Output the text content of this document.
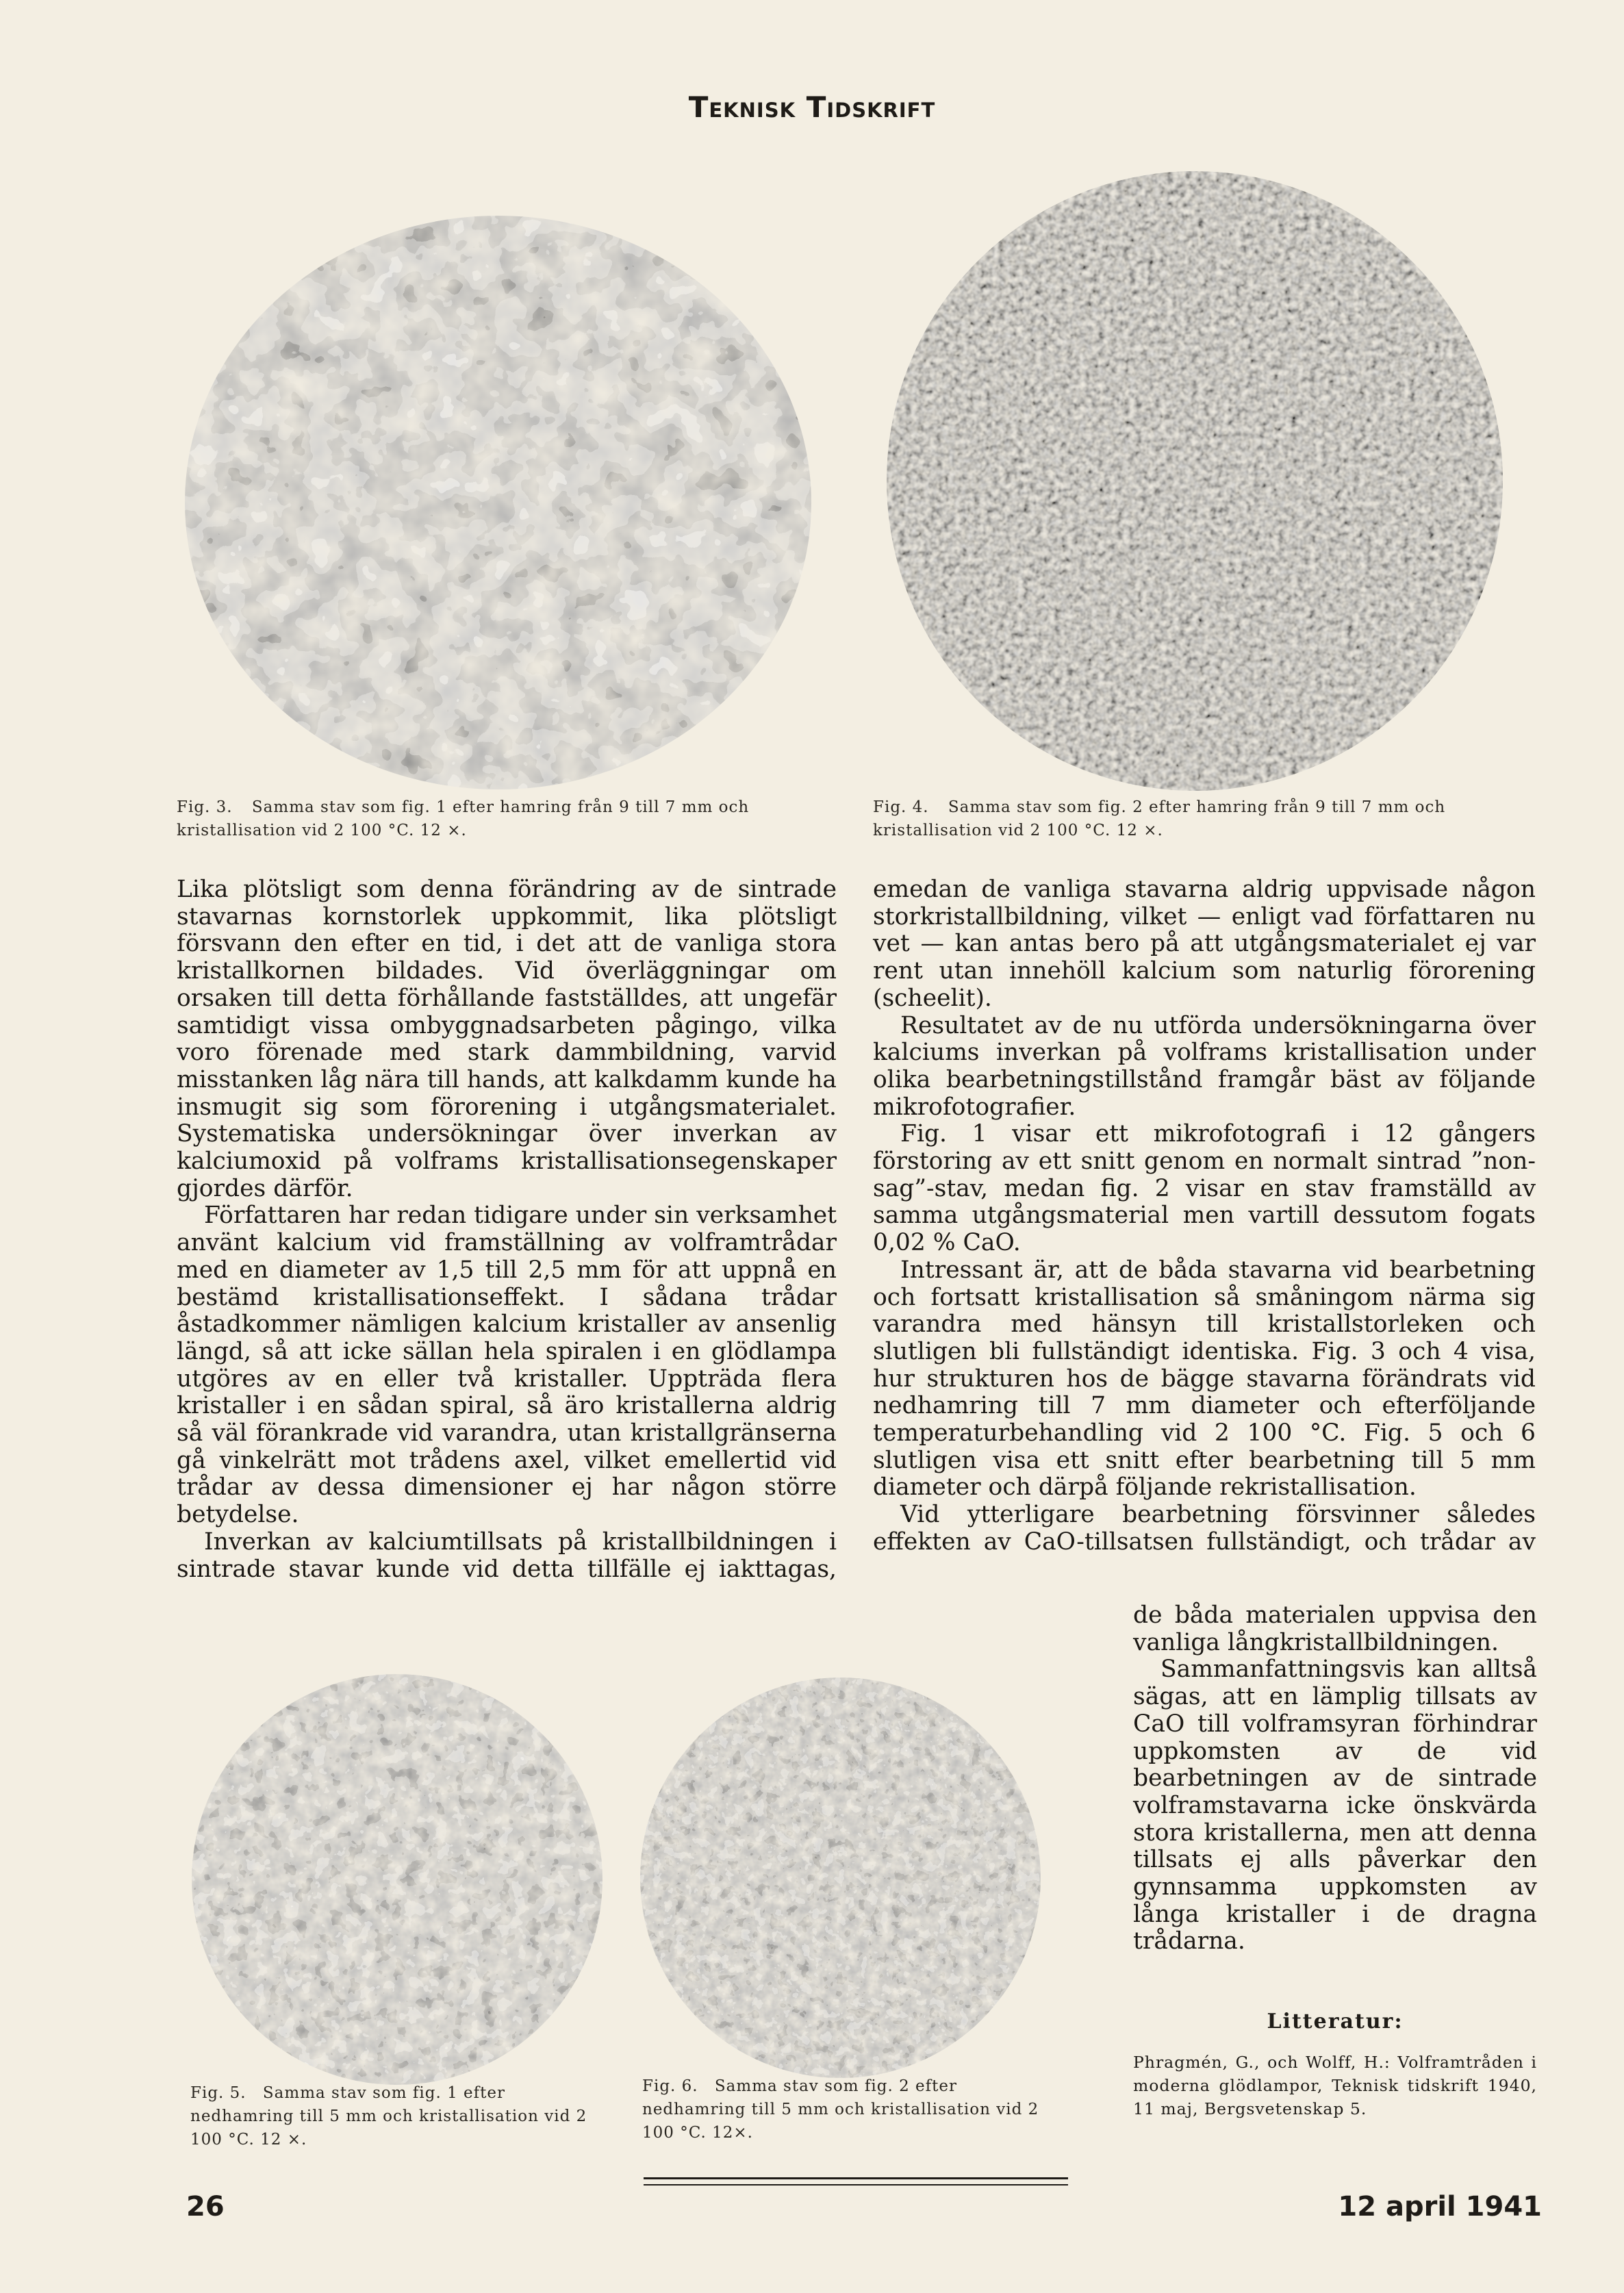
Teknisk Tidskrift
Fig. 3. Samma stav som fig. 1 efter hamring från 9 till 7 mm och kristallisation vid 2 100 °C. 12 ×.
Fig. 4. Samma stav som fig. 2 efter hamring från 9 till 7 mm och kristallisation vid 2 100 °C. 12 ×.

Lika plötsligt som denna förändring av de sintrade stavarnas kornstorlek uppkommit, lika plötsligt försvann den efter en tid, i det att de vanliga stora kristallkornen bildades. Vid överläggningar om orsaken till detta förhållande fastställdes, att ungefär samtidigt vissa ombyggnadsarbeten pågingo, vilka voro förenade med stark dammbildning, varvid misstanken låg nära till hands, att kalkdamm kunde ha insmugit sig som förorening i utgångsmaterialet. Systematiska undersökningar över inverkan av kalciumoxid på volframs kristallisationsegenskaper gjordes därför.

Författaren har redan tidigare under sin verksamhet använt kalcium vid framställning av volframtrådar med en diameter av 1,5 till 2,5 mm för att uppnå en bestämd kristallisationseffekt. I sådana trådar åstadkommer nämligen kalcium kristaller av ansenlig längd, så att icke sällan hela spiralen i en glödlampa utgöres av en eller två kristaller. Uppträda flera kristaller i en sådan spiral, så äro kristallerna aldrig så väl förankrade vid varandra, utan kristallgränserna gå vinkelrätt mot trådens axel, vilket emellertid vid trådar av dessa dimensioner ej har någon större betydelse.

Inverkan av kalciumtillsats på kristallbildningen i sintrade stavar kunde vid detta tillfälle ej iakttagas,

emedan de vanliga stavarna aldrig uppvisade någon storkristallbildning, vilket — enligt vad författaren nu vet — kan antas bero på att utgångsmaterialet ej var rent utan innehöll kalcium som naturlig förorening (scheelit).

Resultatet av de nu utförda undersökningarna över kalciums inverkan på volframs kristallisation under olika bearbetningstillstånd framgår bäst av följande mikrofotografier.

Fig. 1 visar ett mikrofotografi i 12 gångers förstoring av ett snitt genom en normalt sintrad ”non-sag”-stav, medan fig. 2 visar en stav framställd av samma utgångsmaterial men vartill dessutom fogats 0,02 % CaO.

Intressant är, att de båda stavarna vid bearbetning och fortsatt kristallisation så småningom närma sig varandra med hänsyn till kristallstorleken och slutligen bli fullständigt identiska. Fig. 3 och 4 visa, hur strukturen hos de bägge stavarna förändrats vid nedhamring till 7 mm diameter och efterföljande temperaturbehandling vid 2 100 °C. Fig. 5 och 6 slutligen visa ett snitt efter bearbetning till 5 mm diameter och därpå följande rekristallisation.

Vid ytterligare bearbetning försvinner således effekten av CaO-tillsatsen fullständigt, och trådar av

de båda materialen uppvisa den vanliga långkristallbildningen.

Sammanfattningsvis kan alltså sägas, att en lämplig tillsats av CaO till volframsyran förhindrar uppkomsten av de vid bearbetningen av de sintrade volframstavarna icke önskvärda stora kristallerna, men att denna tillsats ej alls påverkar den gynnsamma uppkomsten av långa kristaller i de dragna trådarna.

Litteratur:
Phragmén, G., och Wolff, H.: Volframtråden i moderna glödlampor, Teknisk tidskrift 1940, 11 maj, Bergsvetenskap 5.
Fig. 5. Samma stav som fig. 1 efter nedhamring till 5 mm och kristallisation vid 2 100 °C. 12 ×.
Fig. 6. Samma stav som fig. 2 efter nedhamring till 5 mm och kristallisation vid 2 100 °C. 12×.
26	12 april 1941
